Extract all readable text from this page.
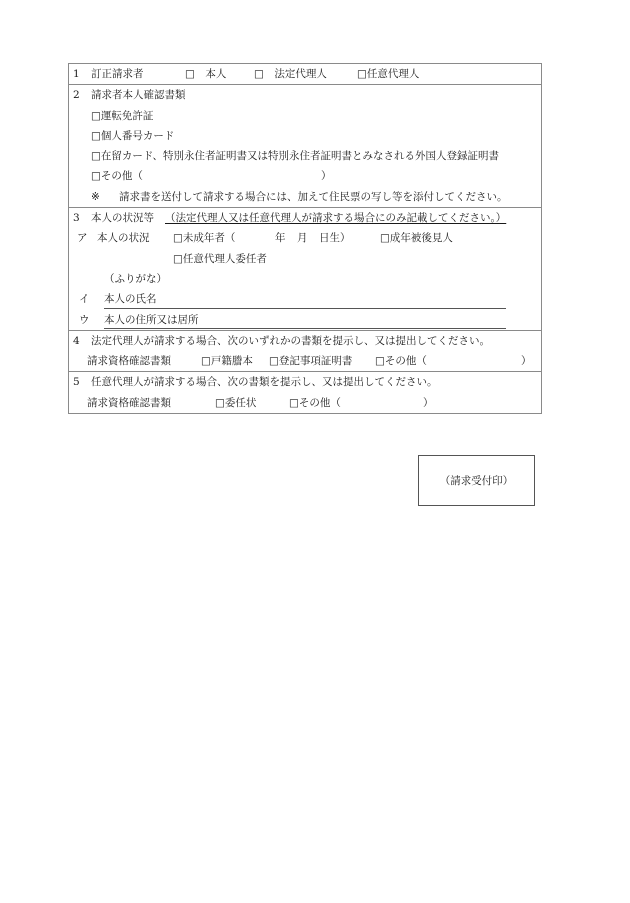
1 訂正請求者	□　本人	□　法定代理人	□任意代理人
2 請求者本人確認書類
□運転免許証
□個人番号カード
□在留カード、特別永住者証明書又は特別永住者証明書とみなされる外国人登録証明書
□その他（	）
※ 請求書を送付して請求する場合には、加えて住民票の写し等を添付してください。
3 本人の状況等 （法定代理人又は任意代理人が請求する場合にのみ記載してください。）
ア 本人の状況 □未成年者（	年 月 日生）	□成年被後見人
□任意代理人委任者
（ふりがな）
イ 本人の氏名
ウ 本人の住所又は居所
4 法定代理人が請求する場合、次のいずれかの書類を提示し、又は提出してください。
請求資格確認書類	□戸籍謄本 □登記事項証明書 □その他（	）
5 任意代理人が請求する場合、次の書類を提示し、又は提出してください。
請求資格確認書類	□委任状	□その他（	）
（請求受付印）
